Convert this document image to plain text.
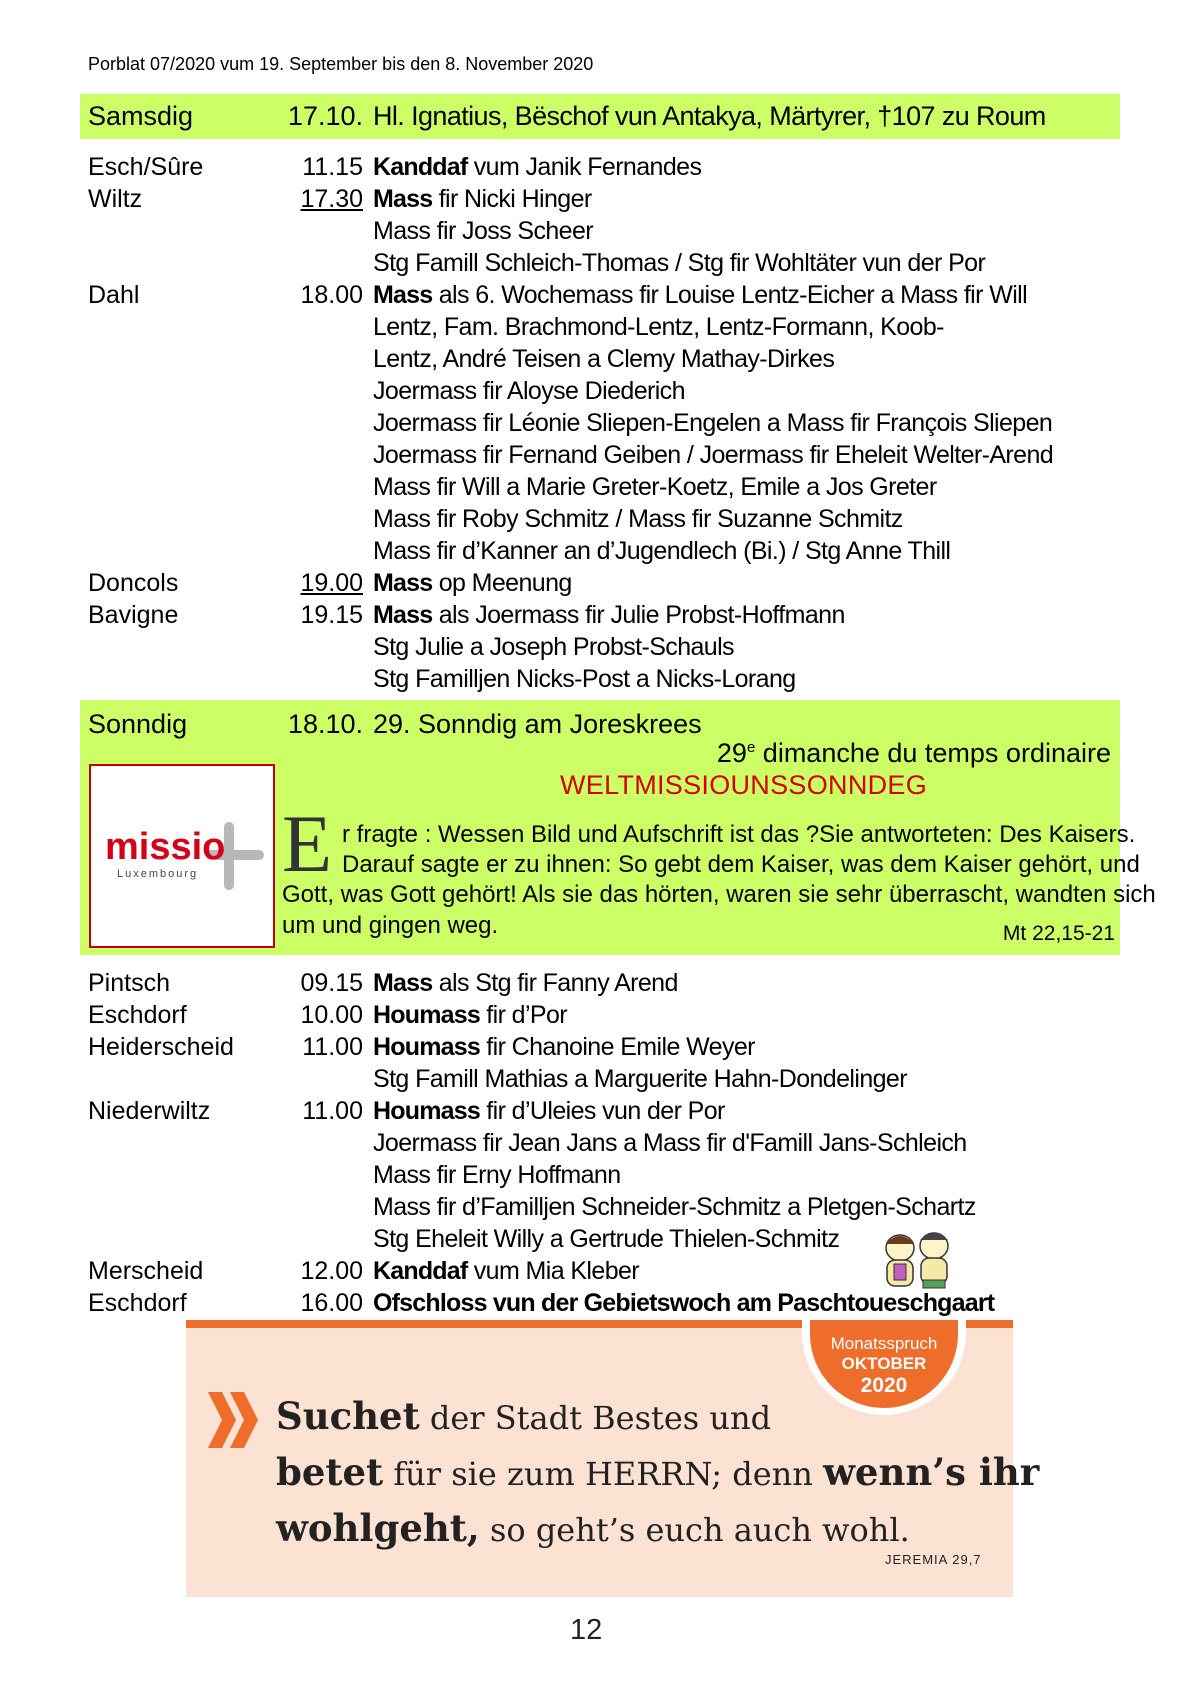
Porblat 07/2020 vum 19. September bis den 8. November 2020
Samsdig	17.10. Hl. Ignatius, Bëschof vun Antakya, Märtyrer, †107 zu Roum
Esch/Sûre	11.15 Kanddaf vum Janik Fernandes
Wiltz	17.30 Mass fir Nicki Hinger
Mass fir Joss Scheer
Stg Famill Schleich-Thomas / Stg fir Wohltäter vun der Por
Dahl	18.00 Mass als 6. Wochemass fir Louise Lentz-Eicher a Mass fir Will
Lentz, Fam. Brachmond-Lentz, Lentz-Formann, Koob-
Lentz, André Teisen a Clemy Mathay-Dirkes
Joermass fir Aloyse Diederich
Joermass fir Léonie Sliepen-Engelen a Mass fir François Sliepen
Joermass fir Fernand Geiben / Joermass fir Eheleit Welter-Arend
Mass fir Will a Marie Greter-Koetz, Emile a Jos Greter
Mass fir Roby Schmitz / Mass fir Suzanne Schmitz
Mass fir d’Kanner an d’Jugendlech (Bi.) / Stg Anne Thill
Doncols	19.00 Mass op Meenung
Bavigne	19.15 Mass als Joermass fir Julie Probst-Hoffmann
Stg Julie a Joseph Probst-Schauls
Stg Familljen Nicks-Post a Nicks-Lorang
Sonndig	18.10. 29. Sonndig am Joreskrees
29e dimanche du temps ordinaire
WELTMISSIOUNSSONNDEG
missio
Luxembourg E r fragte : Wessen Bild und Aufschrift ist das ?Sie antworteten: Des Kaisers.
Darauf sagte er zu ihnen: So gebt dem Kaiser, was dem Kaiser gehört, und
Gott, was Gott gehört! Als sie das hörten, waren sie sehr überrascht, wandten sich
um und gingen weg.	Mt 22,15-21
Pintsch	09.15 Mass als Stg fir Fanny Arend
Eschdorf	10.00 Houmass fir d’Por
Heiderscheid	11.00 Houmass fir Chanoine Emile Weyer
Stg Famill Mathias a Marguerite Hahn-Dondelinger
Niederwiltz	11.00 Houmass fir d’Uleies vun der Por
Joermass fir Jean Jans a Mass fir d'Famill Jans-Schleich
Mass fir Erny Hoffmann
Mass fir d’Familljen Schneider-Schmitz a Pletgen-Schartz
Stg Eheleit Willy a Gertrude Thielen-Schmitz
Merscheid	12.00 Kanddaf vum Mia Kleber
Eschdorf	16.00 Ofschloss vun der Gebietswoch am Paschtoueschgaart
Monatsspruch
OKTOBER
2020
Suchet der Stadt Bestes und
betet für sie zum HERRN; denn wenn’s ihr
wohlgeht, so geht’s euch auch wohl.
JEREMIA 29,7
12
